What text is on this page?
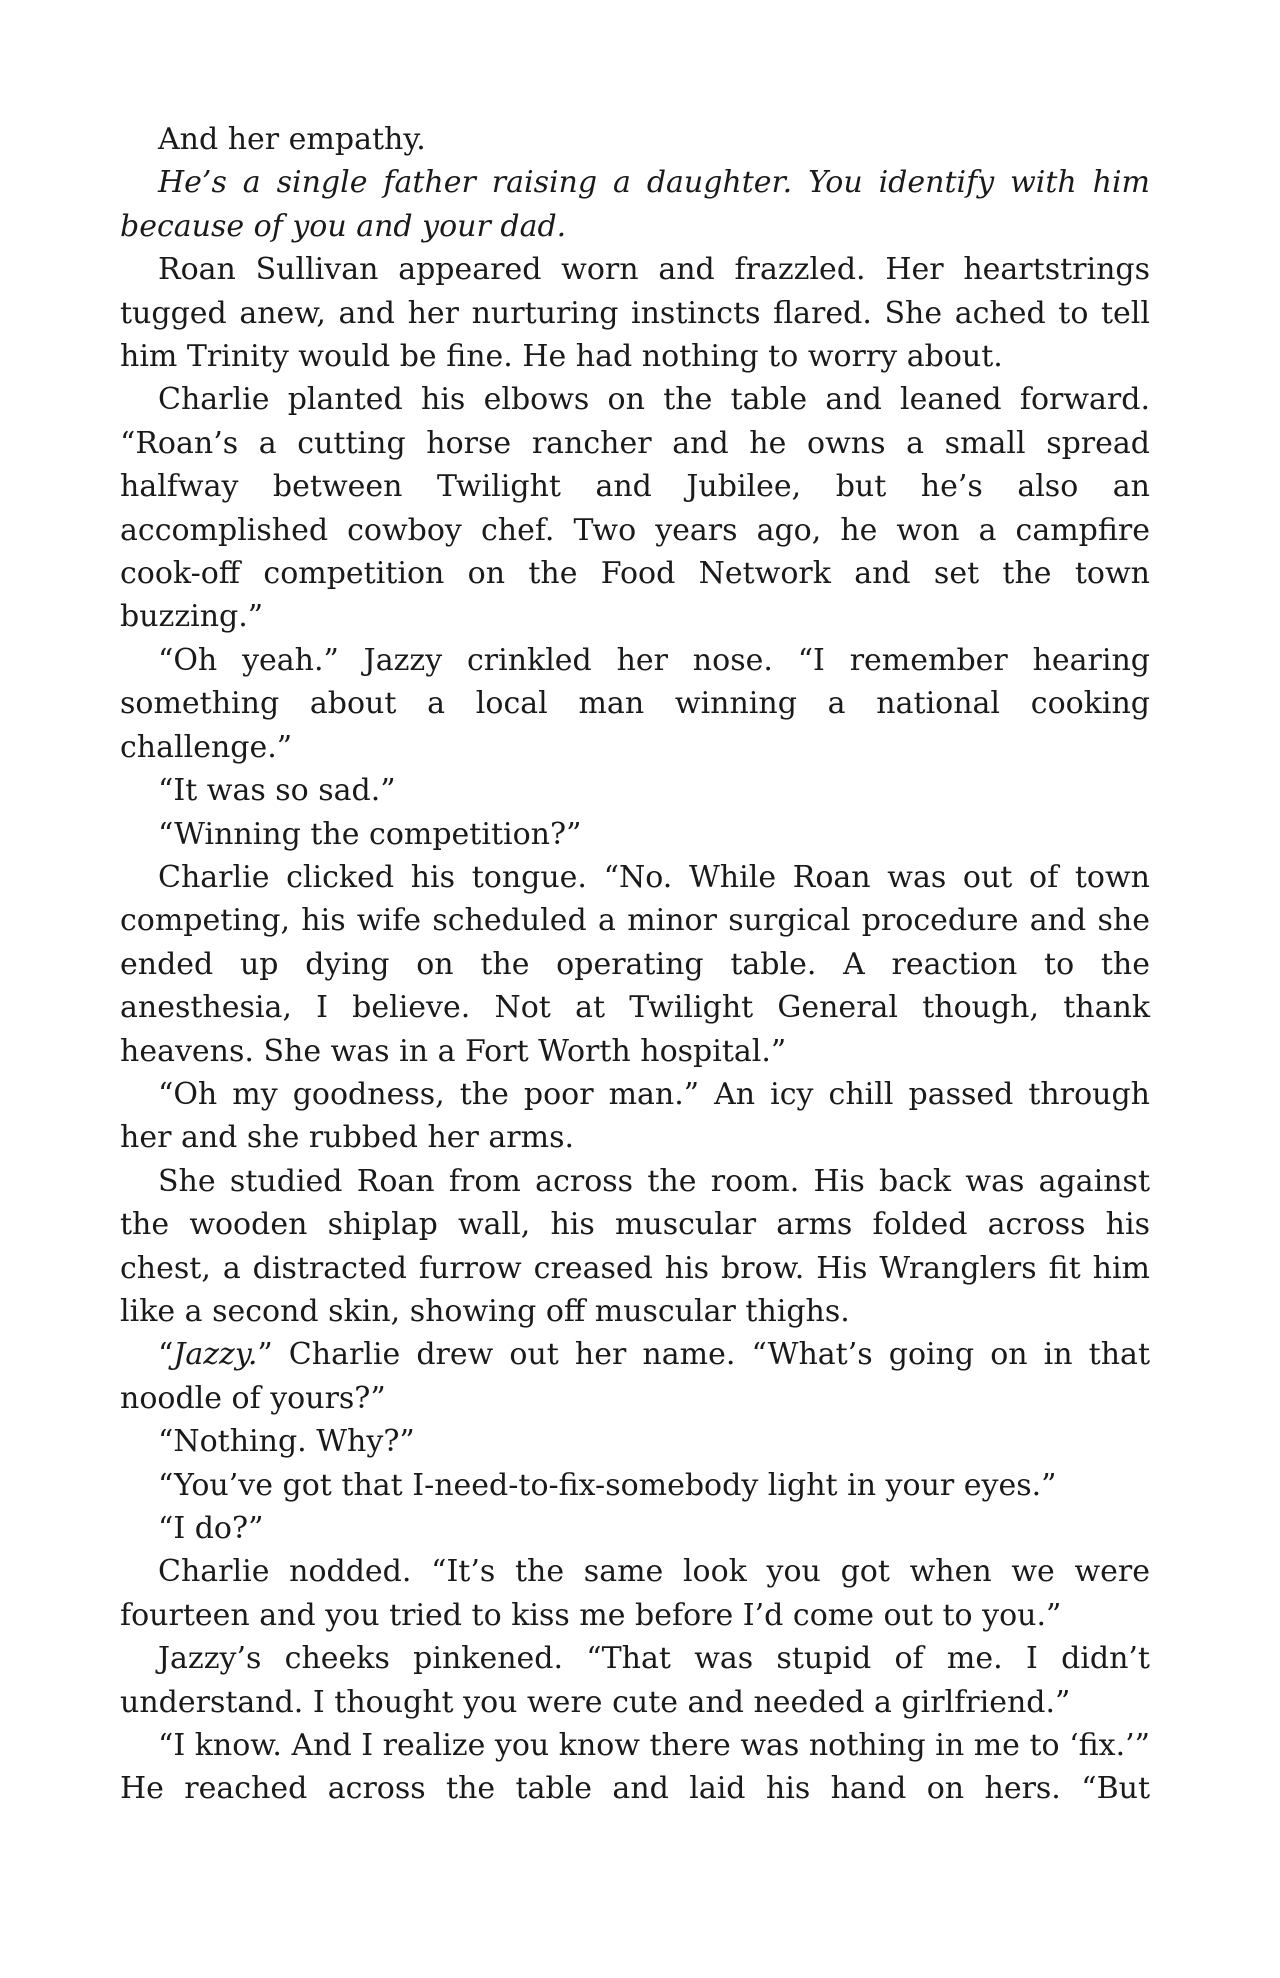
And her empathy.

He’s a single father raising a daughter. You identify with him because of you and your dad.

Roan Sullivan appeared worn and frazzled. Her heartstrings tugged anew, and her nurturing instincts flared. She ached to tell him Trinity would be fine. He had nothing to worry about.

Charlie planted his elbows on the table and leaned forward. “Roan’s a cutting horse rancher and he owns a small spread halfway between Twilight and Jubilee, but he’s also an accomplished cowboy chef. Two years ago, he won a campfire cook-off competition on the Food Network and set the town buzzing.”

“Oh yeah.” Jazzy crinkled her nose. “I remember hearing something about a local man winning a national cooking challenge.”

“It was so sad.”

“Winning the competition?”

Charlie clicked his tongue. “No. While Roan was out of town competing, his wife scheduled a minor surgical procedure and she ended up dying on the operating table. A reaction to the anesthesia, I believe. Not at Twilight General though, thank heavens. She was in a Fort Worth hospital.”

“Oh my goodness, the poor man.” An icy chill passed through her and she rubbed her arms.

She studied Roan from across the room. His back was against the wooden shiplap wall, his muscular arms folded across his chest, a distracted furrow creased his brow. His Wranglers fit him like a second skin, showing off muscular thighs.

“Jazzy.” Charlie drew out her name. “What’s going on in that noodle of yours?”

“Nothing. Why?”

“You’ve got that I-need-to-fix-somebody light in your eyes.”

“I do?”

Charlie nodded. “It’s the same look you got when we were fourteen and you tried to kiss me before I’d come out to you.”

Jazzy’s cheeks pinkened. “That was stupid of me. I didn’t understand. I thought you were cute and needed a girlfriend.”

“I know. And I realize you know there was nothing in me to ‘fix.’” He reached across the table and laid his hand on hers. “But
